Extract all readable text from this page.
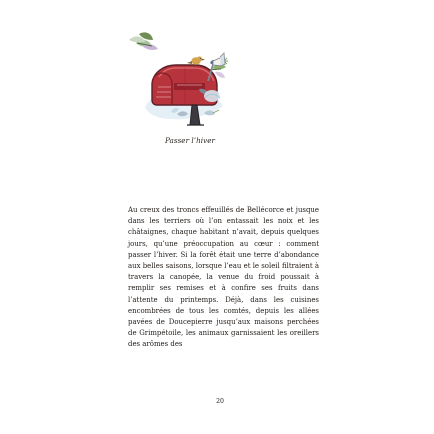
Passer l’hiver

Au creux des troncs effeuillés de Bellécorce et jusque dans les terriers où l’on entassait les noix et les châtaignes, chaque habitant n’avait, depuis quelques jours, qu’une préoccupation au cœur : comment passer l’hiver. Si la forêt était une terre d’abondance aux belles saisons, lorsque l’eau et le soleil filtraient à travers la canopée, la venue du froid poussait à remplir ses remises et à confire ses fruits dans l’attente du printemps. Déjà, dans les cuisines encombrées de tous les comtés, depuis les allées pavées de Doucepierre jusqu’aux maisons perchées de Grimpétoile, les animaux garnissaient les oreillers des arômes des

20
